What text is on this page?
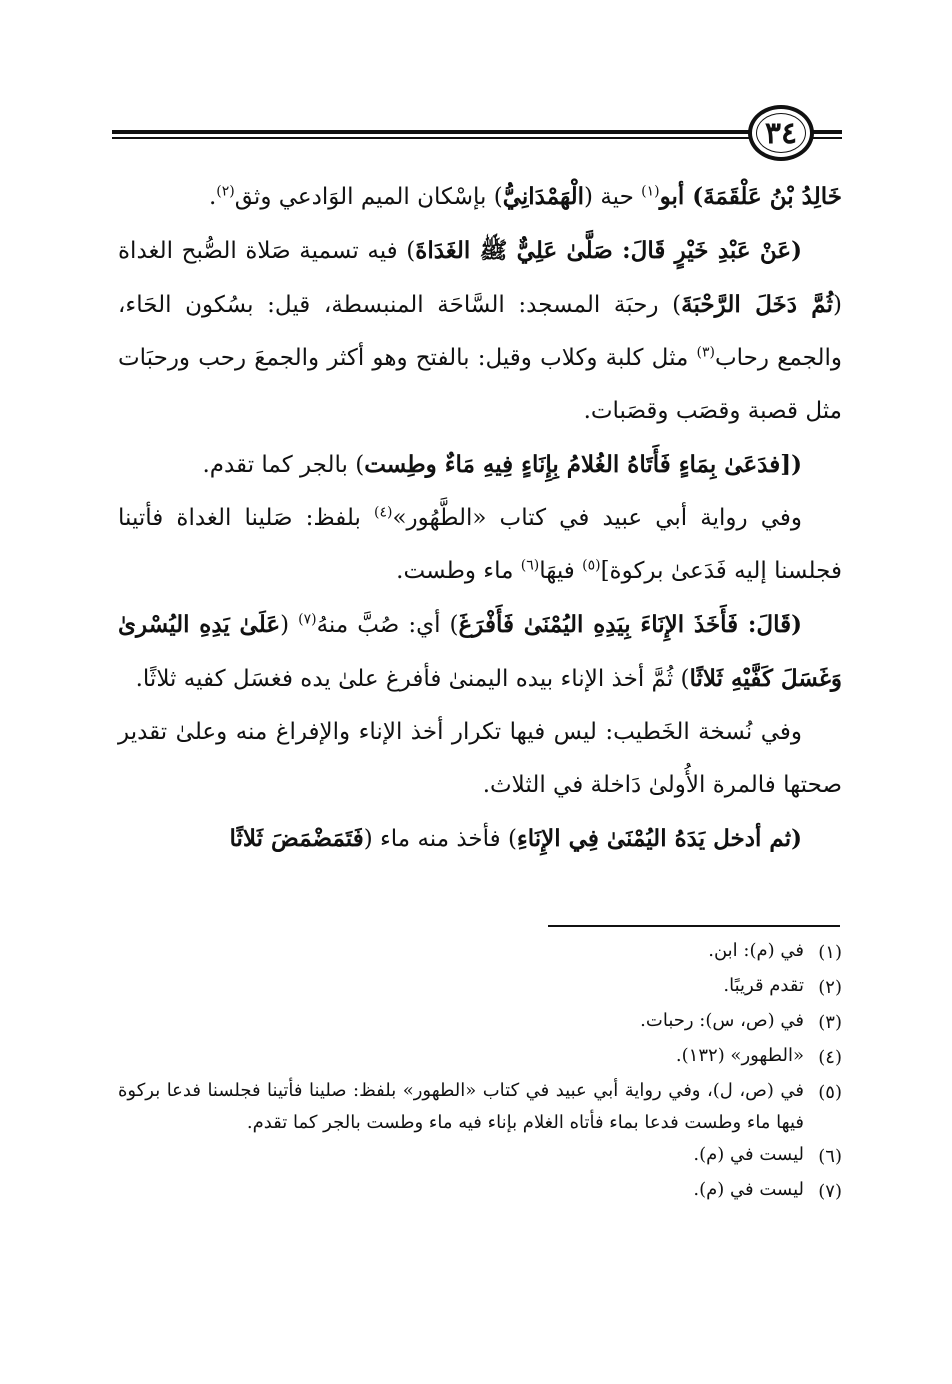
٣٤

خَالِدُ بْنُ عَلْقَمَةَ) أبو$^{(١)}$ حية (الْهَمْدَانِيُّ) بإسْكان الميم الوَادعي وثق$^{(٢)}$.

(عَنْ عَبْدِ خَيْرٍ قَالَ: صَلَّىٰ عَلِيٌّ ﷺ الغَدَاةَ) فيه تسمية صَلاة الصُّبح الغداة (ثُمَّ دَخَلَ الرَّحْبَةَ) رحبَة المسجد: السَّاحَة المنبسطة، قيل: بسُكون الحَاء، والجمع رحاب$^{(٣)}$ مثل كلبة وكلاب وقيل: بالفتح وهو أكثر والجمعَ رحب ورحبَات مثل قصبة وقصَب وقصَبات.

([فدَعَىٰ بِمَاءٍ فَأَتَاهُ الغُلامُ بِإِنَاءٍ فِيهِ مَاءٌ وطِست) بالجر كما تقدم.

وفي رواية أبي عبيد في كتاب «الطَّهُور»$^{(٤)}$ بلفظ: صَلينا الغداة فأتينا فجلسنا إليه فَدَعىٰ بركوة]$^{(٥)}$ فيهَا$^{(٦)}$ ماء وطست.

(قَالَ: فَأَخَذَ الإِنَاءَ بِيَدِهِ اليُمْنَىٰ فَأَفْرَغَ) أي: صُبَّ منهُ$^{(٧)}$ (عَلَىٰ يَدِهِ اليُسْرىٰ وَغَسَلَ كَفَّيْهِ ثَلاثًا) ثُمَّ أخذ الإناء بيده اليمنىٰ فأفرغ علىٰ يده فغسَل كفيه ثلاثًا.

وفي نُسخة الخَطيب: ليس فيها تكرار أخذ الإناء والإفراغ منه وعلىٰ تقدير صحتها فالمرة الأُولىٰ دَاخلة في الثلاث.

(ثم أدخل يَدَهُ اليُمْنَىٰ فِي الإِنَاءِ) فأخذ منه ماء (فَتَمَضْمَضَ ثَلاثًا

(١)
في (م): ابن.
(٢)
تقدم قريبًا.
(٣)
في (ص، س): رحبات.
(٤)
«الطهور» (١٣٢).
(٥)
في (ص، ل)، وفي رواية أبي عبيد في كتاب «الطهور» بلفظ: صلينا فأتينا فجلسنا فدعا بركوة فيها ماء وطست فدعا بماء فأتاه الغلام بإناء فيه ماء وطست بالجر كما تقدم.
(٦)
ليست في (م).
(٧)
ليست في (م).
